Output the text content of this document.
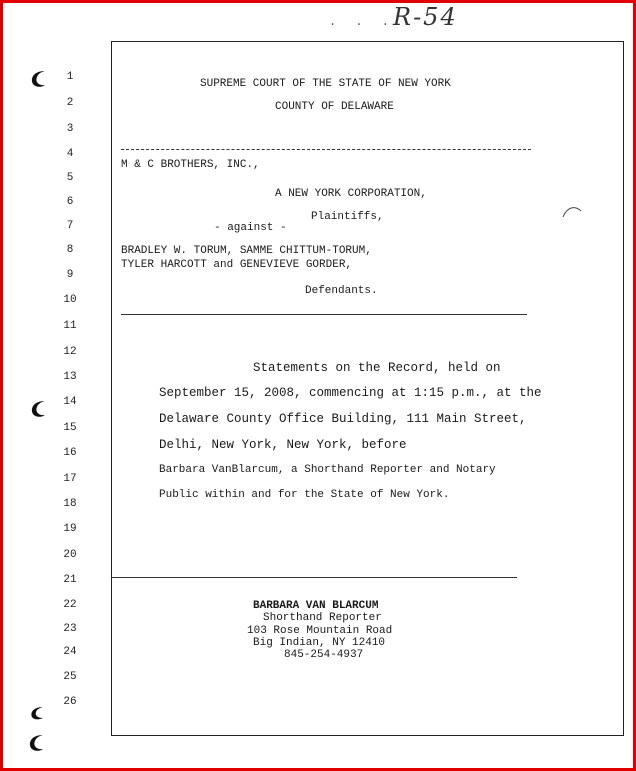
. . .
R-54
1
2
3
4
5
6
7
8
9
10
11
12
13
14
15
16
17
18
19
20
21
22
23
24
25
26
SUPREME COURT OF THE STATE OF NEW YORK
COUNTY OF DELAWARE
M & C BROTHERS, INC.,
A NEW YORK CORPORATION,
Plaintiffs,
- against -
BRADLEY W. TORUM, SAMME CHITTUM-TORUM,
TYLER HARCOTT and GENEVIEVE GORDER,
Defendants.
Statements on the Record, held on
September 15, 2008, commencing at 1:15 p.m., at the
Delaware County Office Building, 111 Main Street,
Delhi, New York, New York, before
Barbara VanBlarcum, a Shorthand Reporter and Notary
Public within and for the State of New York.
BARBARA VAN BLARCUM
Shorthand Reporter
103 Rose Mountain Road
Big Indian, NY 12410
845-254-4937
